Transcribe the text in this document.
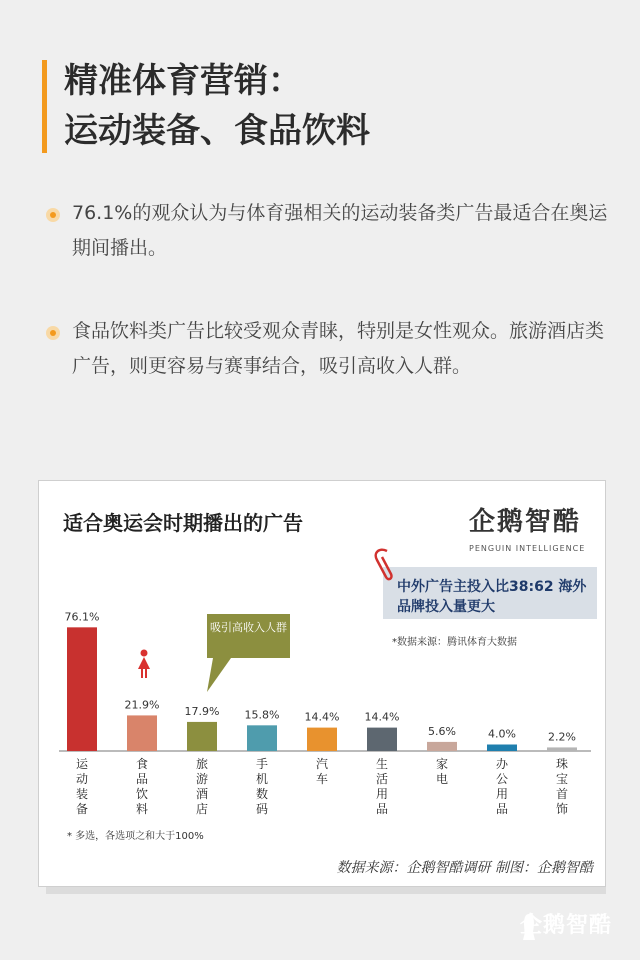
精准体育营销：
运动装备、食品饮料
76.1%的观众认为与体育强相关的运动装备类广告最适合在奥运期间播出。
食品饮料类广告比较受观众青睐，特别是女性观众。旅游酒店类广告，则更容易与赛事结合，吸引高收入人群。
适合奥运会时期播出的广告	企鹅智酷
PENGUIN INTELLIGENCE
中外广告主投入比38:62 海外品牌投入量更大
*数据来源：腾讯体育大数据
吸引高收入人群
76.1%
运动装备
21.9%
食品饮料
17.9%
旅游酒店
15.8%
手机数码
14.4%
汽车
14.4%
生活用品
5.6%
家电
4.0%
办公用品
2.2%
珠宝首饰
* 多选，各选项之和大于100%
数据来源：企鹅智酷调研 制图：企鹅智酷
企鹅智酷
